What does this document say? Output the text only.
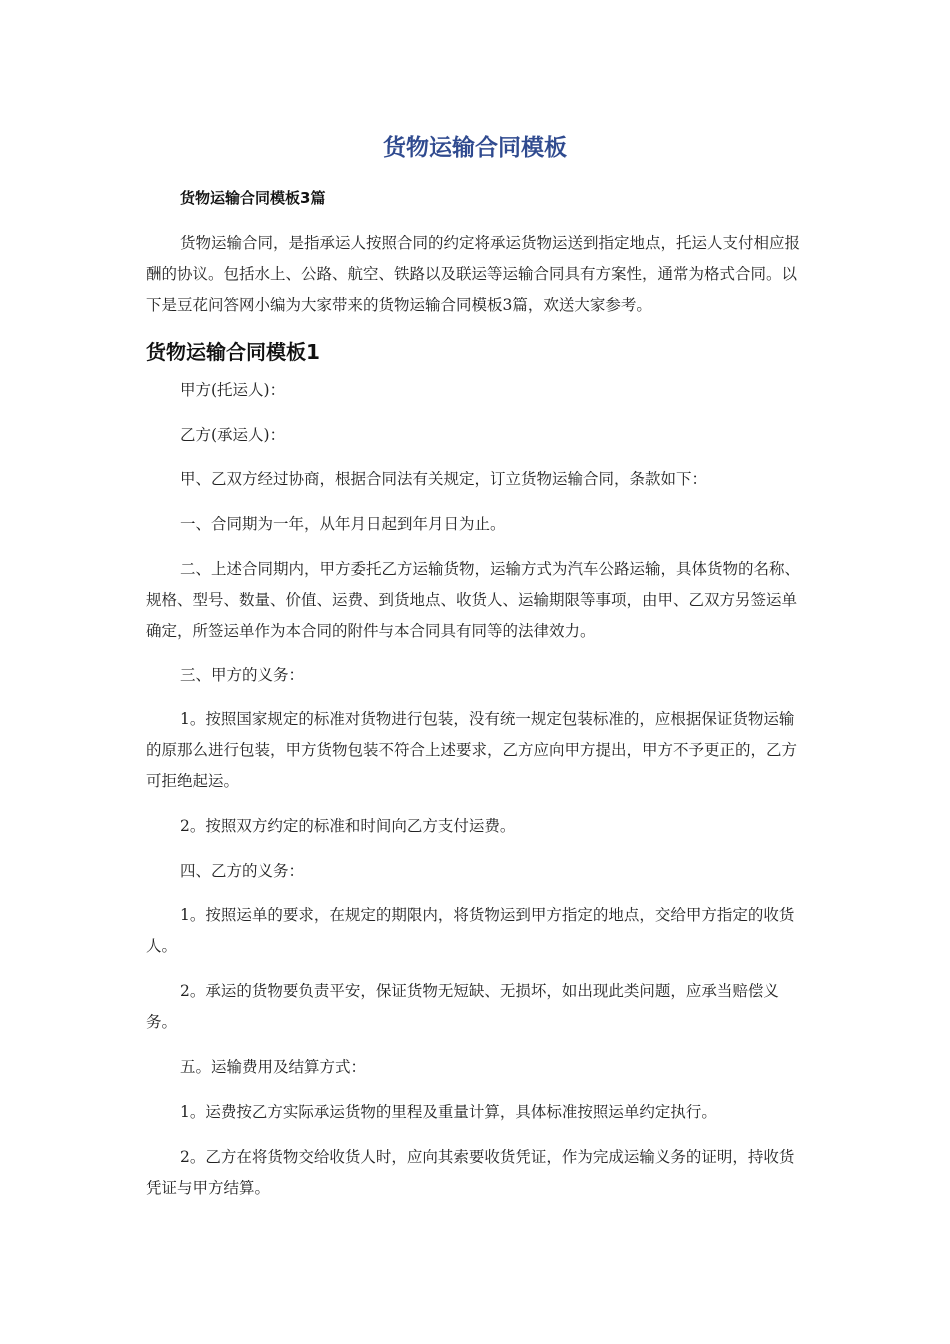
货物运输合同模板
货物运输合同模板3篇

货物运输合同，是指承运人按照合同的约定将承运货物运送到指定地点，托运人支付相应报酬的协议。包括水上、公路、航空、铁路以及联运等运输合同具有方案性，通常为格式合同。以下是豆花问答网小编为大家带来的货物运输合同模板3篇，欢送大家参考。

货物运输合同模板1

甲方(托运人)：

乙方(承运人)：

甲、乙双方经过协商，根据合同法有关规定，订立货物运输合同，条款如下：

一、合同期为一年，从年月日起到年月日为止。

二、上述合同期内，甲方委托乙方运输货物，运输方式为汽车公路运输，具体货物的名称、规格、型号、数量、价值、运费、到货地点、收货人、运输期限等事项，由甲、乙双方另签运单确定，所签运单作为本合同的附件与本合同具有同等的法律效力。

三、甲方的义务：

1。按照国家规定的标准对货物进行包装，没有统一规定包装标准的，应根据保证货物运输的原那么进行包装，甲方货物包装不符合上述要求，乙方应向甲方提出，甲方不予更正的，乙方可拒绝起运。

2。按照双方约定的标准和时间向乙方支付运费。

四、乙方的义务：

1。按照运单的要求，在规定的期限内，将货物运到甲方指定的地点，交给甲方指定的收货人。

2。承运的货物要负责平安，保证货物无短缺、无损坏，如出现此类问题，应承当赔偿义务。

五。运输费用及结算方式：

1。运费按乙方实际承运货物的里程及重量计算，具体标准按照运单约定执行。

2。乙方在将货物交给收货人时，应向其索要收货凭证，作为完成运输义务的证明，持收货凭证与甲方结算。
